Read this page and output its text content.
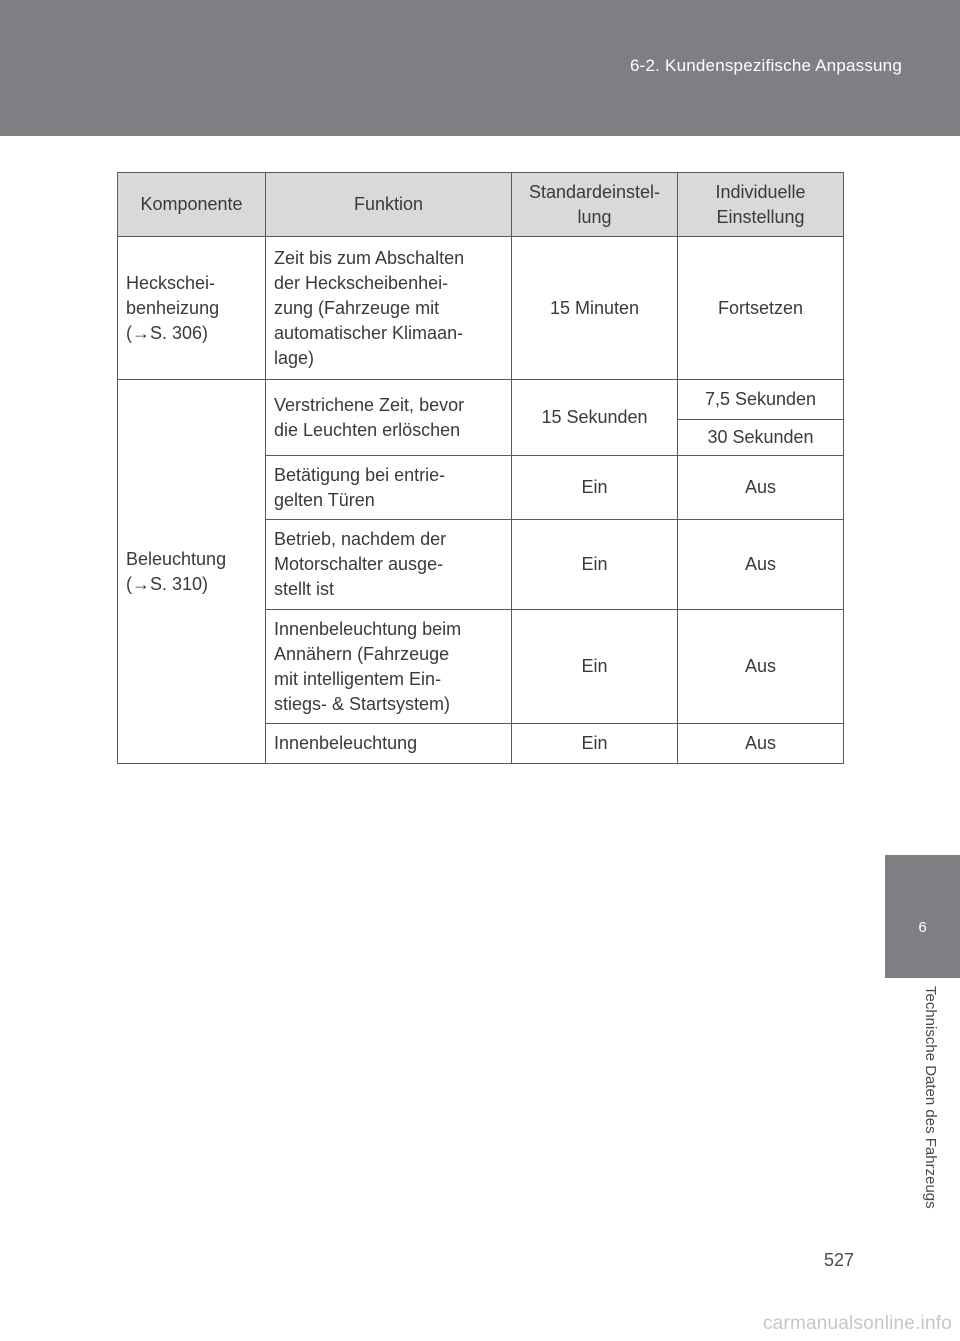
6-2. Kundenspezifische Anpassung
Komponente	Funktion	Standardeinstel-
lung	Individuelle
Einstellung

Heckschei-
benheizung
(→S. 306)	Zeit bis zum Abschalten
der Heckscheibenhei-
zung (Fahrzeuge mit
automatischer Klimaan-
lage)	15 Minuten	Fortsetzen

Beleuchtung
(→S. 310)	Verstrichene Zeit, bevor
die Leuchten erlöschen	15 Sekunden	7,5 Sekunden
			30 Sekunden

	Betätigung bei entrie-
gelten Türen	Ein	Aus

	Betrieb, nachdem der
Motorschalter ausge-
stellt ist	Ein	Aus

	Innenbeleuchtung beim
Annähern (Fahrzeuge
mit intelligentem Ein-
stiegs- & Startsystem)	Ein	Aus

	Innenbeleuchtung	Ein	Aus
6
Technische Daten des Fahrzeugs
527
carmanualsonline.info
